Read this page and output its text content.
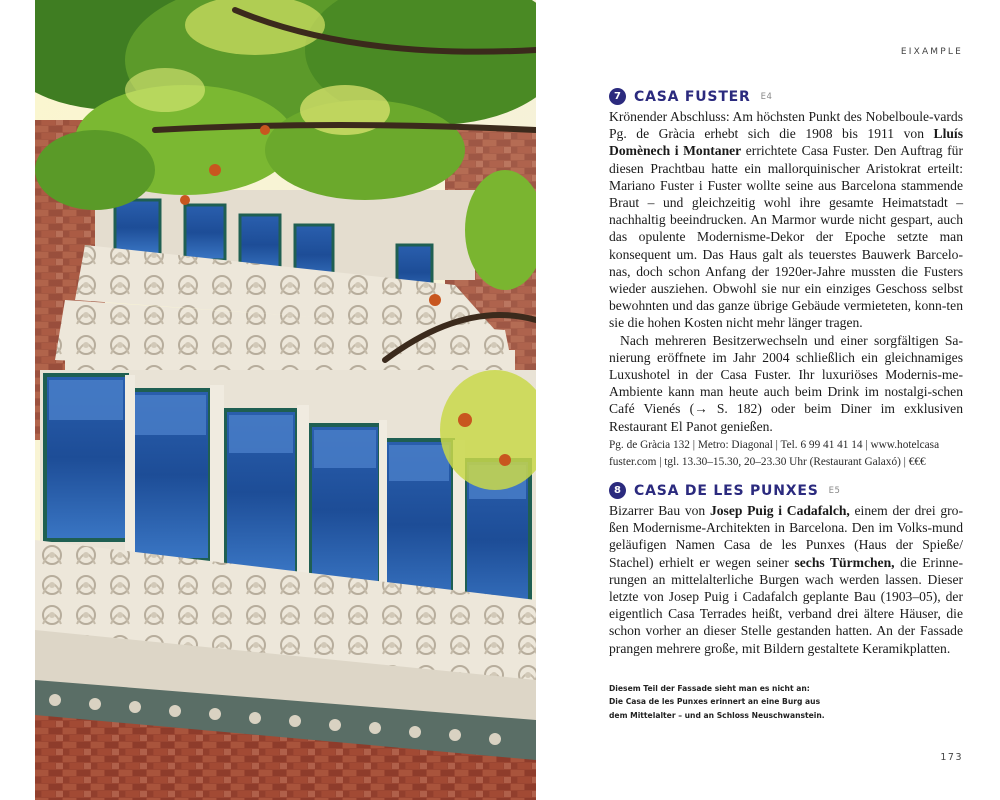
EIXAMPLE
7 CASA FUSTER E4

Krönender Abschluss: Am höchsten Punkt des Nobelboule-vards Pg. de Gràcia erhebt sich die 1908 bis 1911 von Lluís Domènech i Montaner errichtete Casa Fuster. Den Auftrag für diesen Prachtbau hatte ein mallorquinischer Aristokrat erteilt: Mariano Fuster i Fuster wollte seine aus Barcelona stammende Braut – und gleichzeitig wohl ihre gesamte Heimatstadt – nachhaltig beeindrucken. An Marmor wurde nicht gespart, auch das opulente Modernisme-Dekor der Epoche setzte man konsequent um. Das Haus galt als teuerstes Bauwerk Barcelo-nas, doch schon Anfang der 1920er-Jahre mussten die Fusters wieder ausziehen. Obwohl sie nur ein einziges Geschoss selbst bewohnten und das ganze übrige Gebäude vermieteten, konn-ten sie die hohen Kosten nicht mehr länger tragen.

Nach mehreren Besitzerwechseln und einer sorgfältigen Sa-nierung eröffnete im Jahr 2004 schließlich ein gleichnamiges Luxushotel in der Casa Fuster. Ihr luxuriöses Modernis-me-Ambiente kann man heute auch beim Drink im nostalgi-schen Café Vienés (→ S. 182) oder beim Diner im exklusiven Restaurant El Panot genießen.

Pg. de Gràcia 132 | Metro: Diagonal | Tel. 6 99 41 41 14 | www.hotelcasa fuster.com | tgl. 13.30–15.30, 20–23.30 Uhr (Restaurant Galaxó) | €€€

8 CASA DE LES PUNXES E5

Bizarrer Bau von Josep Puig i Cadafalch, einem der drei gro-ßen Modernisme-Architekten in Barcelona. Den im Volks-mund geläufigen Namen Casa de les Punxes (Haus der Spieße/ Stachel) erhielt er wegen seiner sechs Türmchen, die Erinne-rungen an mittelalterliche Burgen wach werden lassen. Dieser letzte von Josep Puig i Cadafalch geplante Bau (1903–05), der eigentlich Casa Terrades heißt, verband drei ältere Häuser, die schon vorher an dieser Stelle gestanden hatten. An der Fassade prangen mehrere große, mit Bildern gestaltete Keramikplatten.

Diesem Teil der Fassade sieht man es nicht an:
Die Casa de les Punxes erinnert an eine Burg aus
dem Mittelalter – und an Schloss Neuschwanstein.
173
